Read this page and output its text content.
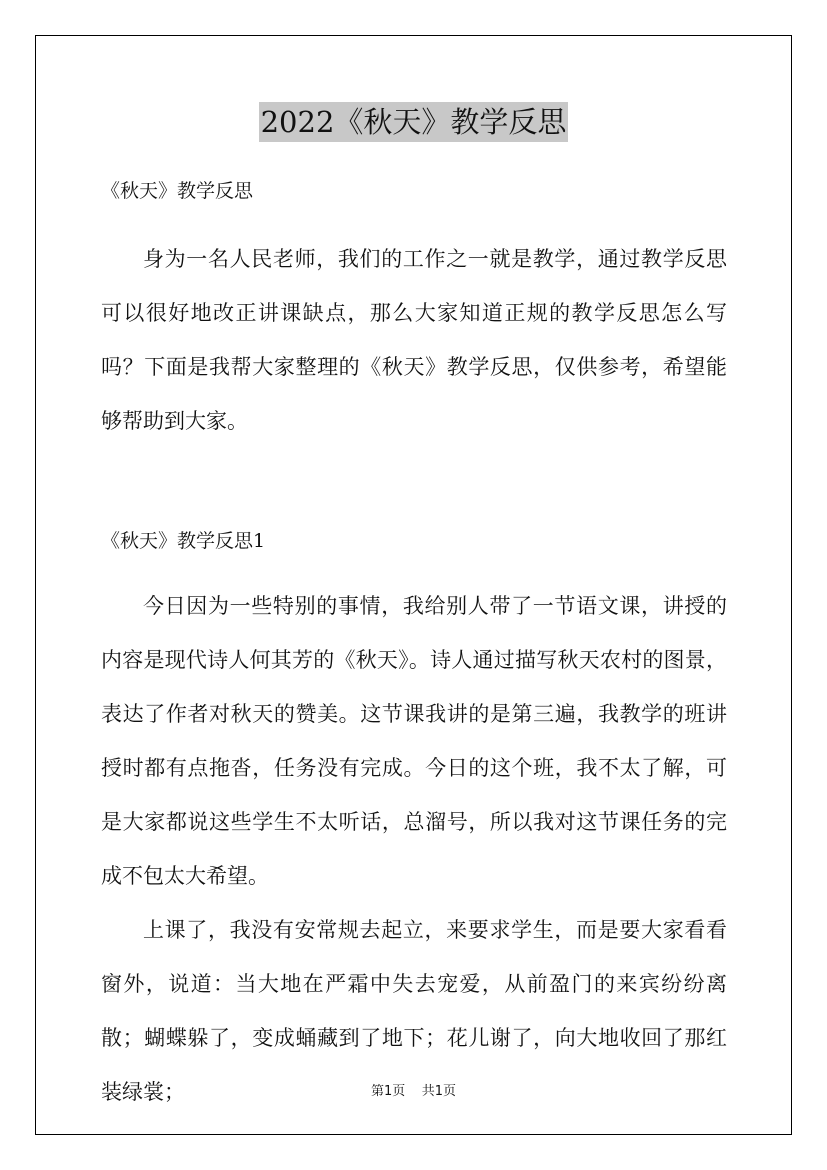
2022《秋天》教学反思

《秋天》教学反思

身为一名人民老师，我们的工作之一就是教学，通过教学反思可以很好地改正讲课缺点，那么大家知道正规的教学反思怎么写吗？下面是我帮大家整理的《秋天》教学反思，仅供参考，希望能够帮助到大家。

《秋天》教学反思1

今日因为一些特别的事情，我给别人带了一节语文课，讲授的内容是现代诗人何其芳的《秋天》。诗人通过描写秋天农村的图景，表达了作者对秋天的赞美。这节课我讲的是第三遍，我教学的班讲授时都有点拖沓，任务没有完成。今日的这个班，我不太了解，可是大家都说这些学生不太听话，总溜号，所以我对这节课任务的完成不包太大希望。

上课了，我没有安常规去起立，来要求学生，而是要大家看看窗外，说道：当大地在严霜中失去宠爱，从前盈门的来宾纷纷离散；蝴蝶躲了，变成蛹藏到了地下；花儿谢了，向大地收回了那红装绿裳；	第1页 共1页
